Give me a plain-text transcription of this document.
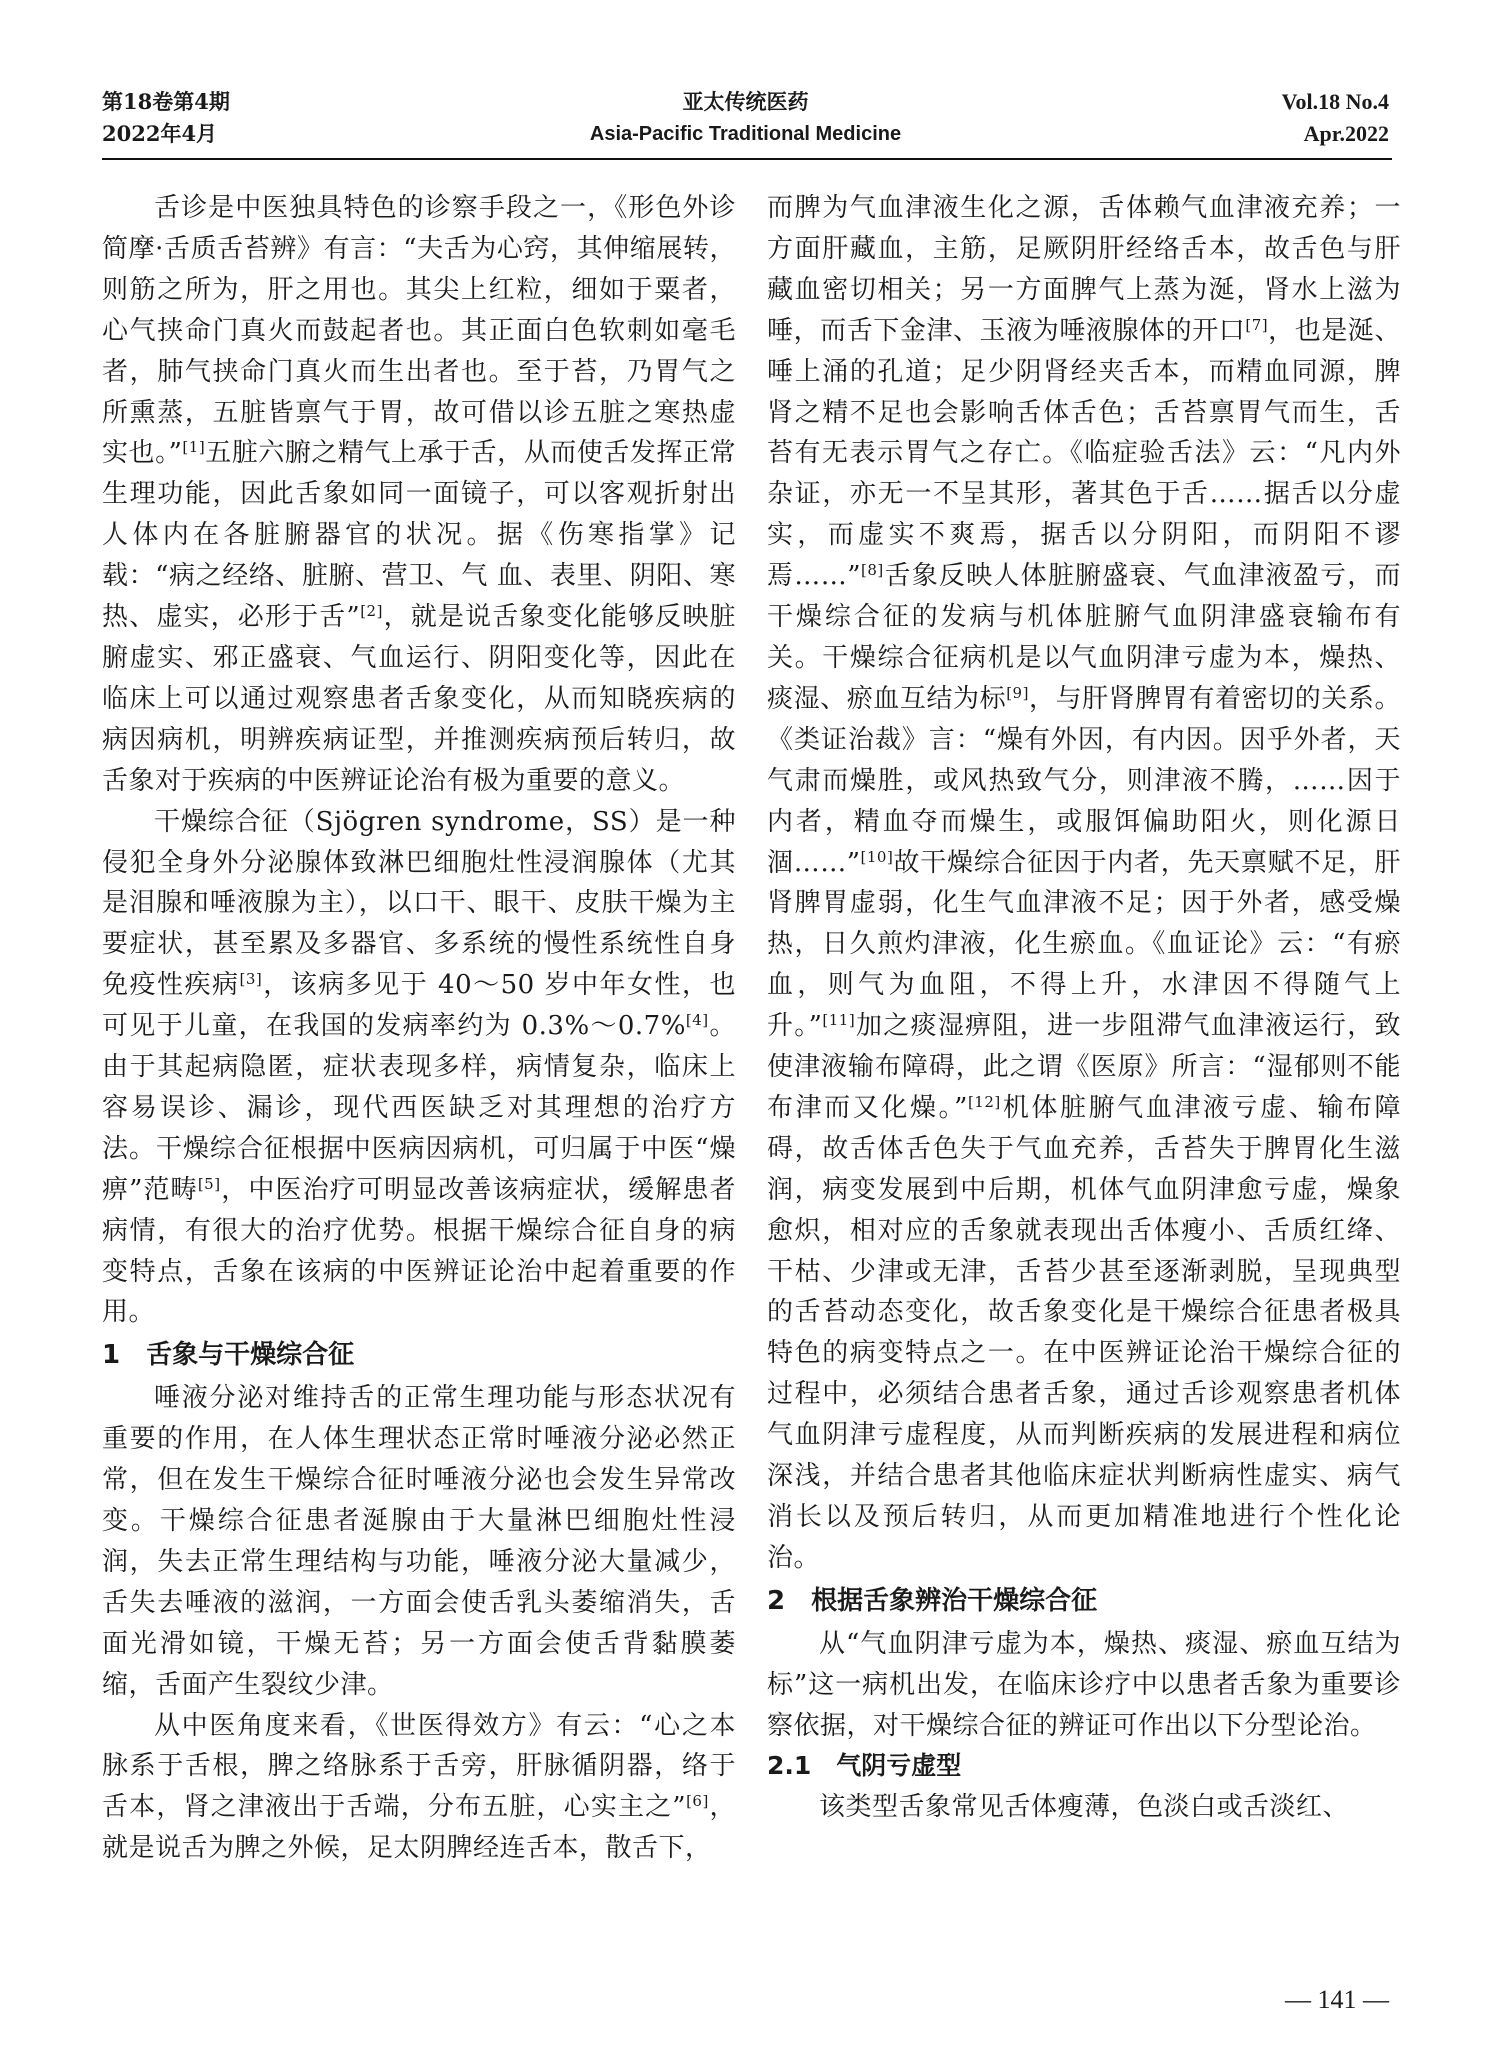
第18卷第4期
2022年4月
亚太传统医药
Asia-Pacific Traditional Medicine
Vol.18 No.4
Apr.2022

舌诊是中医独具特色的诊察手段之一，《形色外诊简摩·舌质舌苔辨》有言：“夫舌为心窍，其伸缩展转，则筋之所为，肝之用也。其尖上红粒，细如于粟者，心气挟命门真火而鼓起者也。其正面白色软刺如毫毛者，肺气挟命门真火而生出者也。至于苔，乃胃气之所熏蒸，五脏皆禀气于胃，故可借以诊五脏之寒热虚实也。”[1]五脏六腑之精气上承于舌，从而使舌发挥正常生理功能，因此舌象如同一面镜子，可以客观折射出人体内在各脏腑器官的状况。据《伤寒指掌》记载：“病之经络、脏腑、营卫、气 血、表里、阴阳、寒热、虚实，必形于舌”[2]，就是说舌象变化能够反映脏腑虚实、邪正盛衰、气血运行、阴阳变化等，因此在临床上可以通过观察患者舌象变化，从而知晓疾病的病因病机，明辨疾病证型，并推测疾病预后转归，故舌象对于疾病的中医辨证论治有极为重要的意义。

干燥综合征（Sjögren syndrome，SS）是一种侵犯全身外分泌腺体致淋巴细胞灶性浸润腺体（尤其是泪腺和唾液腺为主），以口干、眼干、皮肤干燥为主要症状，甚至累及多器官、多系统的慢性系统性自身免疫性疾病[3]，该病多见于 40～50 岁中年女性，也可见于儿童，在我国的发病率约为 0.3%～0.7%[4]。由于其起病隐匿，症状表现多样，病情复杂，临床上容易误诊、漏诊，现代西医缺乏对其理想的治疗方法。干燥综合征根据中医病因病机，可归属于中医“燥痹”范畴[5]，中医治疗可明显改善该病症状，缓解患者病情，有很大的治疗优势。根据干燥综合征自身的病变特点，舌象在该病的中医辨证论治中起着重要的作用。

1　舌象与干燥综合征

唾液分泌对维持舌的正常生理功能与形态状况有重要的作用，在人体生理状态正常时唾液分泌必然正常，但在发生干燥综合征时唾液分泌也会发生异常改变。干燥综合征患者涎腺由于大量淋巴细胞灶性浸润，失去正常生理结构与功能，唾液分泌大量减少，舌失去唾液的滋润，一方面会使舌乳头萎缩消失，舌面光滑如镜，干燥无苔；另一方面会使舌背黏膜萎缩，舌面产生裂纹少津。

从中医角度来看，《世医得效方》有云：“心之本脉系于舌根，脾之络脉系于舌旁，肝脉循阴器，络于舌本，肾之津液出于舌端，分布五脏，心实主之”[6]，就是说舌为脾之外候，足太阴脾经连舌本，散舌下，

而脾为气血津液生化之源，舌体赖气血津液充养；一方面肝藏血，主筋，足厥阴肝经络舌本，故舌色与肝藏血密切相关；另一方面脾气上蒸为涎，肾水上滋为唾，而舌下金津、玉液为唾液腺体的开口[7]，也是涎、唾上涌的孔道；足少阴肾经夹舌本，而精血同源，脾肾之精不足也会影响舌体舌色；舌苔禀胃气而生，舌苔有无表示胃气之存亡。《临症验舌法》云：“凡内外杂证，亦无一不呈其形，著其色于舌……据舌以分虚实，而虚实不爽焉，据舌以分阴阳，而阴阳不谬焉……”[8]舌象反映人体脏腑盛衰、气血津液盈亏，而干燥综合征的发病与机体脏腑气血阴津盛衰输布有关。干燥综合征病机是以气血阴津亏虚为本，燥热、痰湿、瘀血互结为标[9]，与肝肾脾胃有着密切的关系。《类证治裁》言：“燥有外因，有内因。因乎外者，天气肃而燥胜，或风热致气分，则津液不腾，……因于内者，精血夺而燥生，或服饵偏助阳火，则化源日涸……”[10]故干燥综合征因于内者，先天禀赋不足，肝肾脾胃虚弱，化生气血津液不足；因于外者，感受燥热，日久煎灼津液，化生瘀血。《血证论》云：“有瘀血，则气为血阻，不得上升，水津因不得随气上升。”[11]加之痰湿痹阻，进一步阻滞气血津液运行，致使津液输布障碍，此之谓《医原》所言：“湿郁则不能布津而又化燥。”[12]机体脏腑气血津液亏虚、输布障碍，故舌体舌色失于气血充养，舌苔失于脾胃化生滋润，病变发展到中后期，机体气血阴津愈亏虚，燥象愈炽，相对应的舌象就表现出舌体瘦小、舌质红绛、干枯、少津或无津，舌苔少甚至逐渐剥脱，呈现典型的舌苔动态变化，故舌象变化是干燥综合征患者极具特色的病变特点之一。在中医辨证论治干燥综合征的过程中，必须结合患者舌象，通过舌诊观察患者机体气血阴津亏虚程度，从而判断疾病的发展进程和病位深浅，并结合患者其他临床症状判断病性虚实、病气消长以及预后转归，从而更加精准地进行个性化论治。

2　根据舌象辨治干燥综合征

从“气血阴津亏虚为本，燥热、痰湿、瘀血互结为标”这一病机出发，在临床诊疗中以患者舌象为重要诊察依据，对干燥综合征的辨证可作出以下分型论治。

2.1　气阴亏虚型

该类型舌象常见舌体瘦薄，色淡白或舌淡红、

— 141 —
